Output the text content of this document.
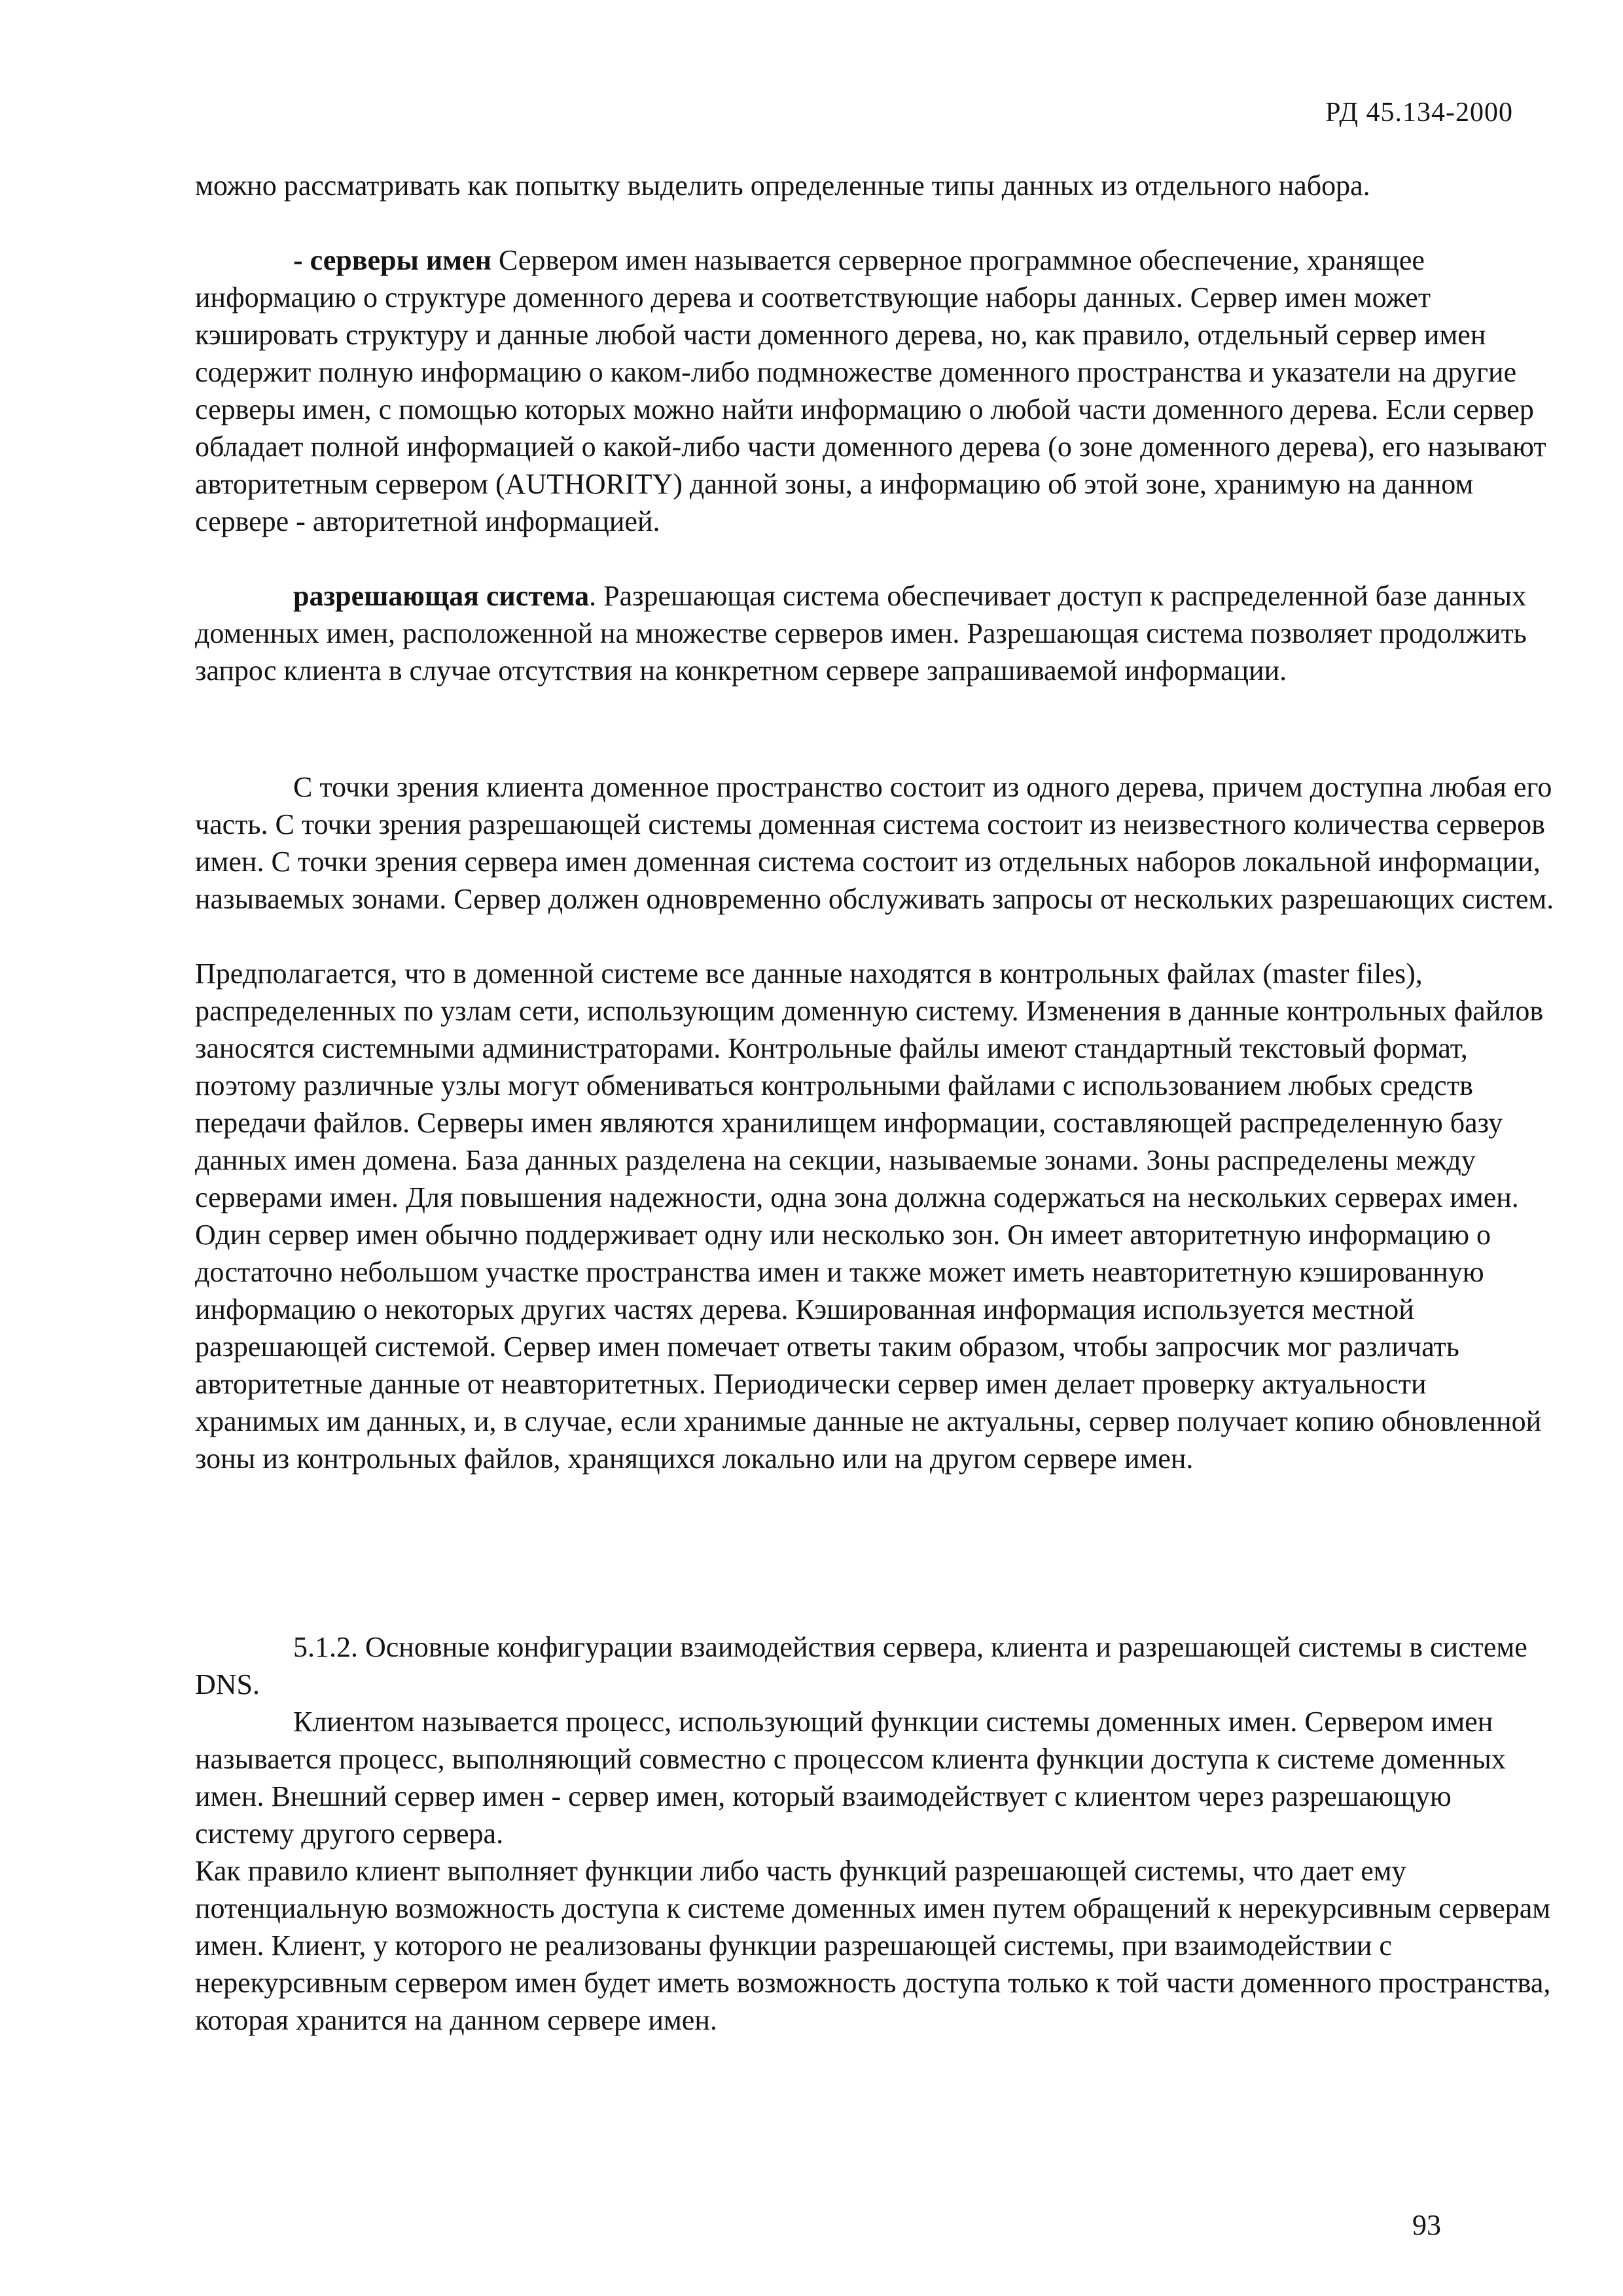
РД 45.134-2000

можно рассматривать как попытку выделить определенные типы данных из отдельного набора.

- серверы имен Сервером имен называется серверное программное обеспечение, хранящее информацию о структуре доменного дерева и соответствующие наборы данных. Сервер имен может кэшировать структуру и данные любой части доменного дерева, но, как правило, отдельный сервер имен содержит полную информацию о каком-либо подмножестве доменного пространства и указатели на другие серверы имен, с помощью которых можно найти информацию о любой части доменного дерева. Если сервер обладает полной информацией о какой-либо части доменного дерева (о зоне доменного дерева), его называют авторитетным сервером (AUTHORITY) данной зоны, а информацию об этой зоне, хранимую на данном сервере - авторитетной информацией.

разрешающая система. Разрешающая система обеспечивает доступ к распределенной базе данных доменных имен, расположенной на множестве серверов имен. Разрешающая система позволяет продолжить запрос клиента в случае отсутствия на конкретном сервере запрашиваемой информации.

С точки зрения клиента доменное пространство состоит из одного дерева, причем доступна любая его часть. С точки зрения разрешающей системы доменная система состоит из неизвестного количества серверов имен. С точки зрения сервера имен доменная система состоит из отдельных наборов локальной информации, называемых зонами. Сервер должен одновременно обслуживать запросы от нескольких разрешающих систем.

Предполагается, что в доменной системе все данные находятся в контрольных файлах (master files), распределенных по узлам сети, использующим доменную систему. Изменения в данные контрольных файлов заносятся системными администраторами. Контрольные файлы имеют стандартный текстовый формат, поэтому различные узлы могут обмениваться контрольными файлами с использованием любых средств передачи файлов. Серверы имен являются хранилищем информации, составляющей распределенную базу данных имен домена. База данных разделена на секции, называемые зонами. Зоны распределены между серверами имен. Для повышения надежности, одна зона должна содержаться на нескольких серверах имен. Один сервер имен обычно поддерживает одну или несколько зон. Он имеет авторитетную информацию о достаточно небольшом участке пространства имен и также может иметь неавторитетную кэшированную информацию о некоторых других частях дерева. Кэшированная информация используется местной разрешающей системой. Сервер имен помечает ответы таким образом, чтобы запросчик мог различать авторитетные данные от неавторитетных. Периодически сервер имен делает проверку актуальности хранимых им данных, и, в случае, если хранимые данные не актуальны, сервер получает копию обновленной зоны из контрольных файлов, хранящихся локально или на другом сервере имен.

5.1.2. Основные конфигурации взаимодействия сервера, клиента и разрешающей системы в системе DNS.

Клиентом называется процесс, использующий функции системы доменных имен. Сервером имен называется процесс, выполняющий совместно с процессом клиента функции доступа к системе доменных имен. Внешний сервер имен - сервер имен, который взаимодействует с клиентом через разрешающую систему другого сервера.

Как правило клиент выполняет функции либо часть функций разрешающей системы, что дает ему потенциальную возможность доступа к системе доменных имен путем обращений к нерекурсивным серверам имен. Клиент, у которого не реализованы функции разрешающей системы, при взаимодействии с нерекурсивным сервером имен будет иметь возможность доступа только к той части доменного пространства, которая хранится на данном сервере имен.

93
